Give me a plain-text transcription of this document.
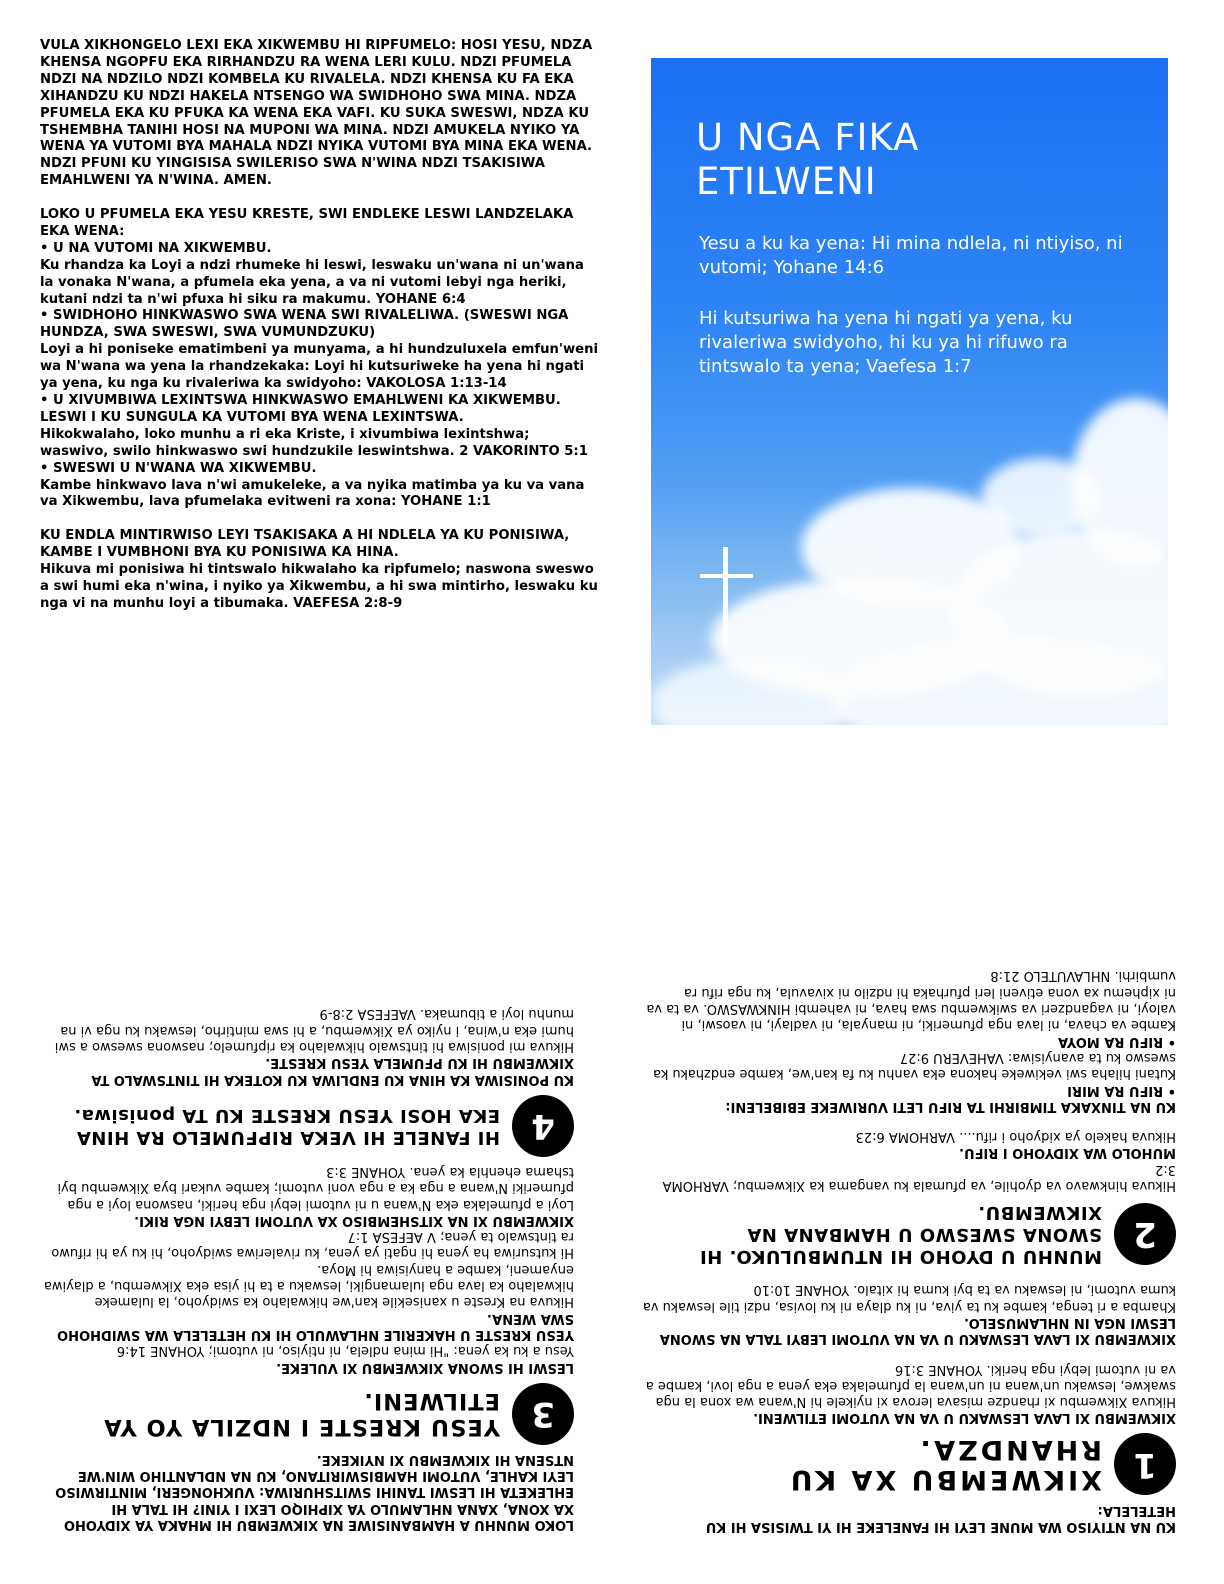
VULA XIKHONGELO LEXI EKA XIKWEMBU HI RIPFUMELO: HOSI YESU, NDZA KHENSA NGOPFU EKA RIRHANDZU RA WENA LERI KULU. NDZI PFUMELA NDZI NA NDZILO NDZI KOMBELA KU RIVALELA. NDZI KHENSA KU FA EKA XIHANDZU KU NDZI HAKELA NTSENGO WA SWIDHOHO SWA MINA. NDZA PFUMELA EKA KU PFUKA KA WENA EKA VAFI. KU SUKA SWESWI, NDZA KU TSHEMBHA TANIHI HOSI NA MUPONI WA MINA. NDZI AMUKELA NYIKO YA WENA YA VUTOMI BYA MAHALA NDZI NYIKA VUTOMI BYA MINA EKA WENA. NDZI PFUNI KU YINGISISA SWILERISO SWA N'WINA NDZI TSAKISIWA EMAHLWENI YA N'WINA. AMEN.

LOKO U PFUMELA EKA YESU KRESTE, SWI ENDLEKE LESWI LANDZELAKA EKA WENA:

• U NA VUTOMI NA XIKWEMBU.

Ku rhandza ka Loyi a ndzi rhumeke hi leswi, leswaku un'wana ni un'wana la vonaka N'wana, a pfumela eka yena, a va ni vutomi lebyi nga heriki, kutani ndzi ta n'wi pfuxa hi siku ra makumu. YOHANE 6:4

• SWIDHOHO HINKWASWO SWA WENA SWI RIVALELIWA. (SWESWI NGA HUNDZA, SWA SWESWI, SWA VUMUNDZUKU)

Loyi a hi poniseke ematimbeni ya munyama, a hi hundzuluxela emfun'weni wa N'wana wa yena la rhandzekaka: Loyi hi kutsuriweke ha yena hi ngati ya yena, ku nga ku rivaleriwa ka swidyoho: VAKOLOSA 1:13-14

• U XIVUMBIWA LEXINTSWA HINKWASWO EMAHLWENI KA XIKWEMBU. LESWI I KU SUNGULA KA VUTOMI BYA WENA LEXINTSWA.

Hikokwalaho, loko munhu a ri eka Kriste, i xivumbiwa lexintshwa; waswivo, swilo hinkwaswo swi hundzukile leswintshwa. 2 VAKORINTO 5:1

• SWESWI U N'WANA WA XIKWEMBU.

Kambe hinkwavo lava n'wi amukeleke, a va nyika matimba ya ku va vana va Xikwembu, lava pfumelaka evitweni ra xona: YOHANE 1:1

KU ENDLA MINTIRWISO LEYI TSAKISAKA A HI NDLELA YA KU PONISIWA, KAMBE I VUMBHONI BYA KU PONISIWA KA HINA.

Hikuva mi ponisiwa hi tintswalo hikwalaho ka ripfumelo; naswona sweswo a swi humi eka n'wina, i nyiko ya Xikwembu, a hi swa mintirho, leswaku ku nga vi na munhu loyi a tibumaka. VAEFESA 2:8-9

U NGA FIKA
ETILWENI
Yesu a ku ka yena: Hi mina ndlela, ni ntiyiso, ni vutomi; Yohane 14:6
Hi kutsuriwa ha yena hi ngati ya yena, ku rivaleriwa swidyoho, hi ku ya hi rifuwo ra tintswalo ta yena; Vaefesa 1:7

KU NA NTIYISO WA MUNE LEYI HI FANELEKE HI YI TWISISA HI KU HETELELA:

1
XIKWEMBU XA KU RHANDZA.

XIKWEMBU XI LAVA LESWAKU U VA NA VUTOMI ETILWENI.

Hikuva Xikwembu xi rhandze misava lerova xi nyikele hi N'wana wa xona la nga swakwe, leswaku un'wana ni un'wana la pfumelaka eka yena a nga lovi, kambe a va ni vutomi lebyi nga heriki. YOHANE 3:16

XIKWEMBU XI LAVA LESWAKU U VA NA VUTOMI LEBYI TALA NA SWONA LESWI NGA IN NHLAMUSELO.

Khamba a ri tenga, kambe ku ta yiva, ni ku dlaya ni ku lovisa, ndzi tile leswaku va kuma vutomi, ni leswaku va ta byi kuma hi xitalo. YOHANE 10:10

2
MUNHU U DYOHO HI NTUMBULUKO. HI SWONA SWESWO U HAMBANA NA XIKWEMBU.

Hikuva hinkwavo va dyohile, va pfumala ku vangama ka Xikwembu; VARHOMA 3:2

MUHOLO WA XIDYOHO I RIFU.

Hikuva hakelo ya xidyoho i rifu.... VARHOMA 6:23

KU NA TINXAKA TIMBIRHI TA RIFU LETI VURIWEKE EBIBELENI:

• RIFU RA MIRI

Kutani hilaha swi vekiweke hakona eka vanhu ku fa kan'we, kambe endzhaku ka sweswo ku ta avanyisiwa: VAHEVERU 9:27

• RIFU RA MOYA

Kambe va chava, ni lava nga pfumeriki, ni manyala, ni vadlayi, ni vaoswi, ni valoyi, ni vagandzeri va swikwembu swa hava, ni vahembi HINKWASWO. va ta va ni xiphemu xa vona etiveni leri pfurhaka hi ndzilo ni xivavula, ku nga rifu ra vumbirhi. NHLAVUTELO 21:8

LOKO MUNHU A HAMBANISIWE NA XIKWEMBU HI MHAKA YA XIDYOHO XA XONA, XANA NHLAMULO YA XIPHIQO LEXI I YINI? HI TALA HI EHLEKETA HI LESWI TANIHI SWITSHURIWA: VUKHONGERI, MINTIRWISO LEYI KAHLE, VUTOMI HAMBISWIRITANO, KU NA NDLANTIHO WIN'WE NTSENA HI XIKWEMBU XI NYIKEKE.

3
YESU KRESTE I NDZILA YO YA ETILWENI.

LESWI HI SWONA XIKWEMBU XI VULEKE.

Yesu a ku ka yena: "Hi mina ndlela, ni ntiyiso, ni vutomi; YOHANE 14:6

YESU KRESTE U HAKERILE NHLAWULO HI KU HETELELA WA SWIDHOHO SWA WENA.

Hikuva na Kreste u xanisekile kan'we hikwalaho ka swidyoho, la lulameke hikwalaho ka lava nga lulamangiki, leswaku a ta hi yisa eka Xikwembu, a dlayiwa enyameni, kambe a hanyisiwa hi Moya.

Hi kutsuriwa ha yena hi ngati ya yena, ku rivaleriwa swidyoho, hi ku ya hi rifuwo ra tintswalo ta yena; V AEFESA 1:7

XIKWEMBU XI NA XITSHEMBISO XA VUTOMI LEBYI NGA RIKI.

Loyi a pfumelaka eka N'wana u ni vutomi lebyi nga heriki, naswona loyi a nga pfumeriki N'wana a nga ka a nga voni vutomi; kambe vukari bya Xikwembu byi tshama ehenhla ka yena. YOHANE 3:3

4
HI FANELE HI VEKA RIPFUMELO RA HINA EKA HOSI YESU KRESTE KU TA ponisiwa.

KU PONISIWA KA HINA KU ENDLIWA KU KOTEKA HI TINTSWALO TA XIKWEMBU HI KU PFUMELA YESU KRESTE.

Hikuva mi ponisiwa hi tintswalo hikwalaho ka ripfumelo; naswona sweswo a swi humi eka n'wina, i nyiko ya Xikwembu, a hi swa mintirho, leswaku ku nga vi na munhu loyi a tibumaka. VAEFESA 2:8-9
